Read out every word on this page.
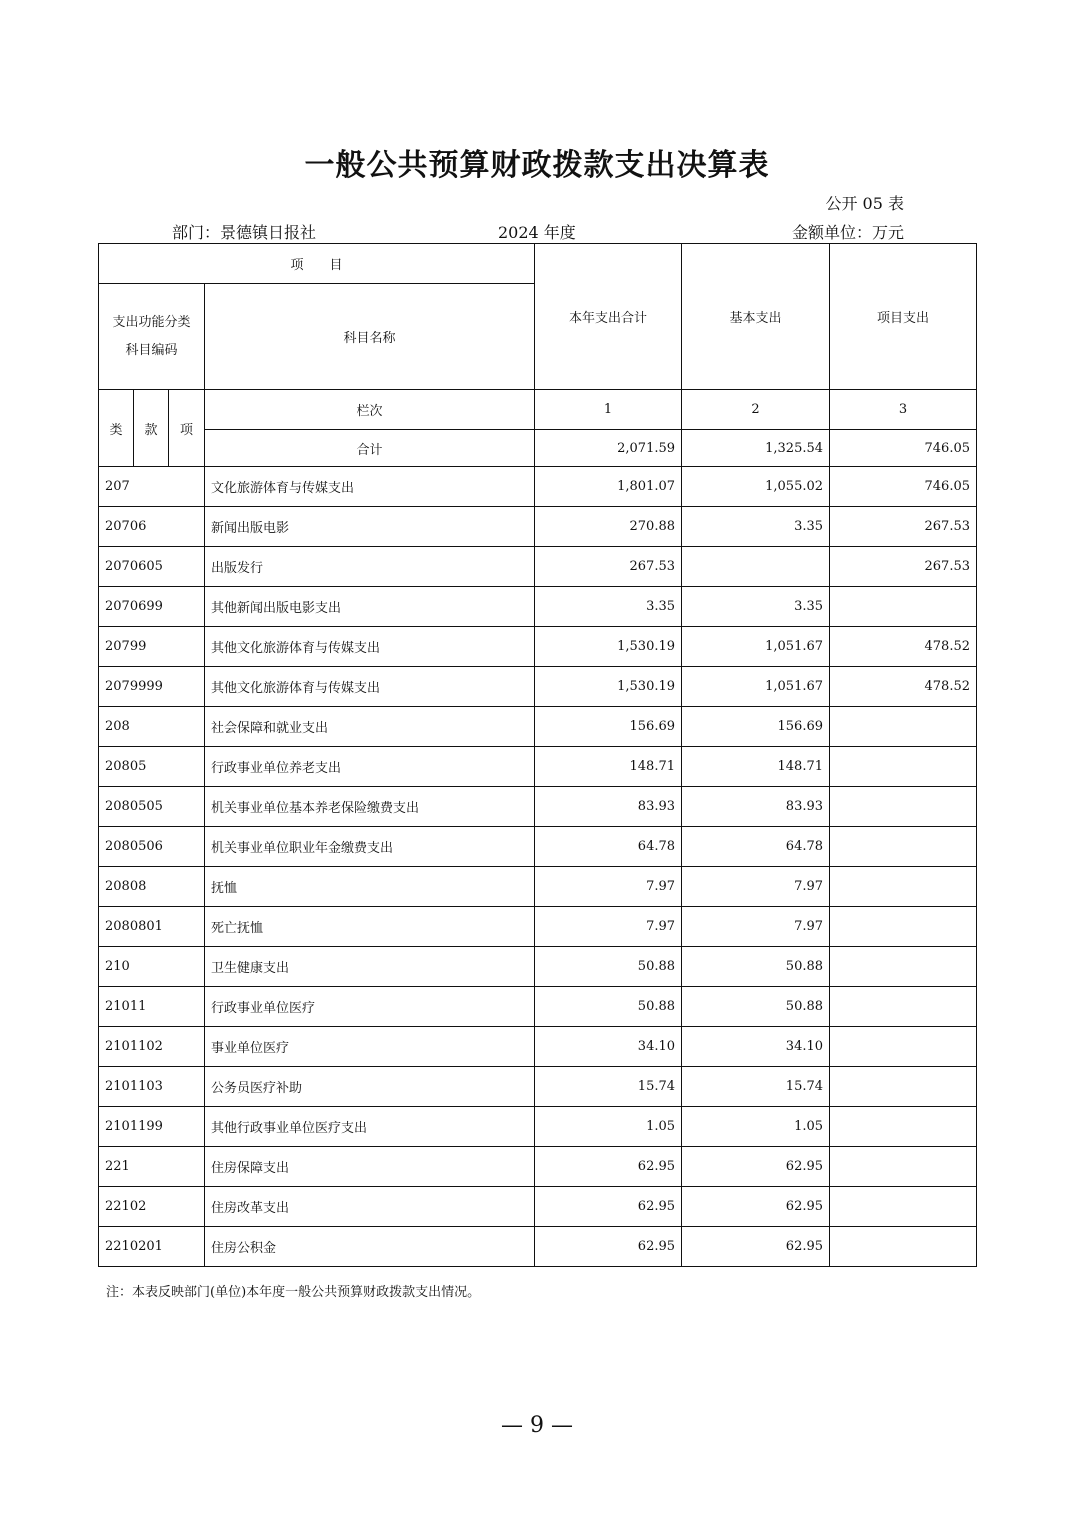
一般公共预算财政拨款支出决算表
公开 05 表
部门：景德镇日报社	2024 年度	金额单位：万元
项　　目				本年支出合计	基本支出	项目支出
支出功能分类
科目编码			科目名称			
类	款	项	栏次	1	2	3
			合计	2,071.59	1,325.54	746.05
207			文化旅游体育与传媒支出	1,801.07	1,055.02	746.05
20706			新闻出版电影	270.88	3.35	267.53
2070605			出版发行	267.53		267.53
2070699			其他新闻出版电影支出	3.35	3.35	
20799			其他文化旅游体育与传媒支出	1,530.19	1,051.67	478.52
2079999			其他文化旅游体育与传媒支出	1,530.19	1,051.67	478.52
208			社会保障和就业支出	156.69	156.69	
20805			行政事业单位养老支出	148.71	148.71	
2080505			机关事业单位基本养老保险缴费支出	83.93	83.93	
2080506			机关事业单位职业年金缴费支出	64.78	64.78	
20808			抚恤	7.97	7.97	
2080801			死亡抚恤	7.97	7.97	
210			卫生健康支出	50.88	50.88	
21011			行政事业单位医疗	50.88	50.88	
2101102			事业单位医疗	34.10	34.10	
2101103			公务员医疗补助	15.74	15.74	
2101199			其他行政事业单位医疗支出	1.05	1.05	
221			住房保障支出	62.95	62.95	
22102			住房改革支出	62.95	62.95	
2210201			住房公积金	62.95	62.95	
注：本表反映部门(单位)本年度一般公共预算财政拨款支出情况。
— 9 —
